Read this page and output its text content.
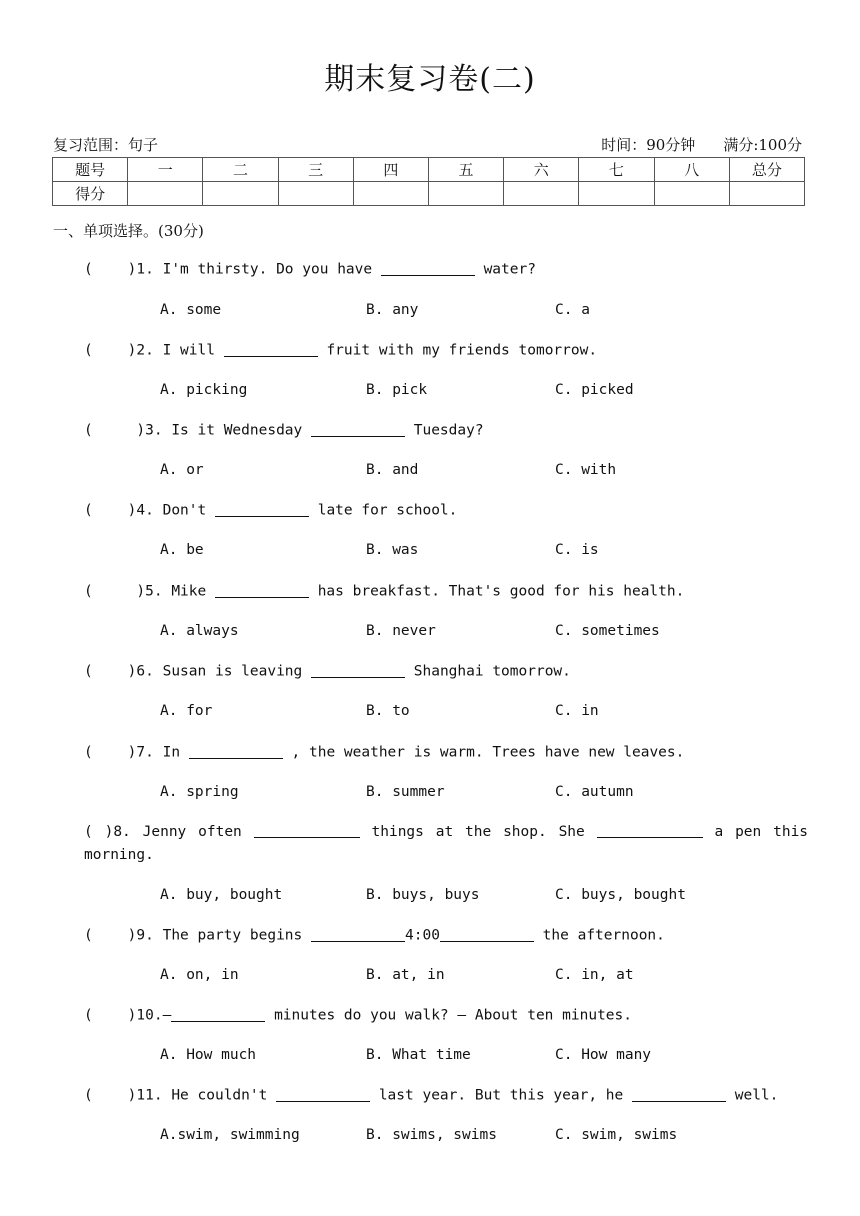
期末复习卷(二)
复习范围：句子	时间：90分钟 满分:100分
题号	一	二	三	四	五	六	七	八	总分
得分									
一、单项选择。(30分)
(    )1. I'm thirsty. Do you have	water?
A. some	B. any	C. a
(    )2. I will	fruit with my friends tomorrow.
A. picking	B. pick	C. picked
(     )3. Is it Wednesday	Tuesday?
A. or	B. and	C. with
(    )4. Don't	late for school.
A. be	B. was	C. is
(     )5. Mike	has breakfast. That's good for his health.
A. always	B. never	C. sometimes
(    )6. Susan is leaving	Shanghai tomorrow.
A. for	B. to	C. in
(    )7. In	, the weather is warm. Trees have new leaves.
A. spring	B. summer	C. autumn
( )8. Jenny often	things at the shop. She	a pen this morning.
A. buy, bought	B. buys, buys	C. buys, bought
(    )9. The party begins	4:00	the afternoon.
A. on, in	B. at, in	C. in, at
(    )10.—	minutes do you walk? — About ten minutes.
A. How much	B. What time	C. How many
(    )11. He couldn't	last year. But this year, he	well.
A.swim, swimming	B. swims, swims	C. swim, swims
